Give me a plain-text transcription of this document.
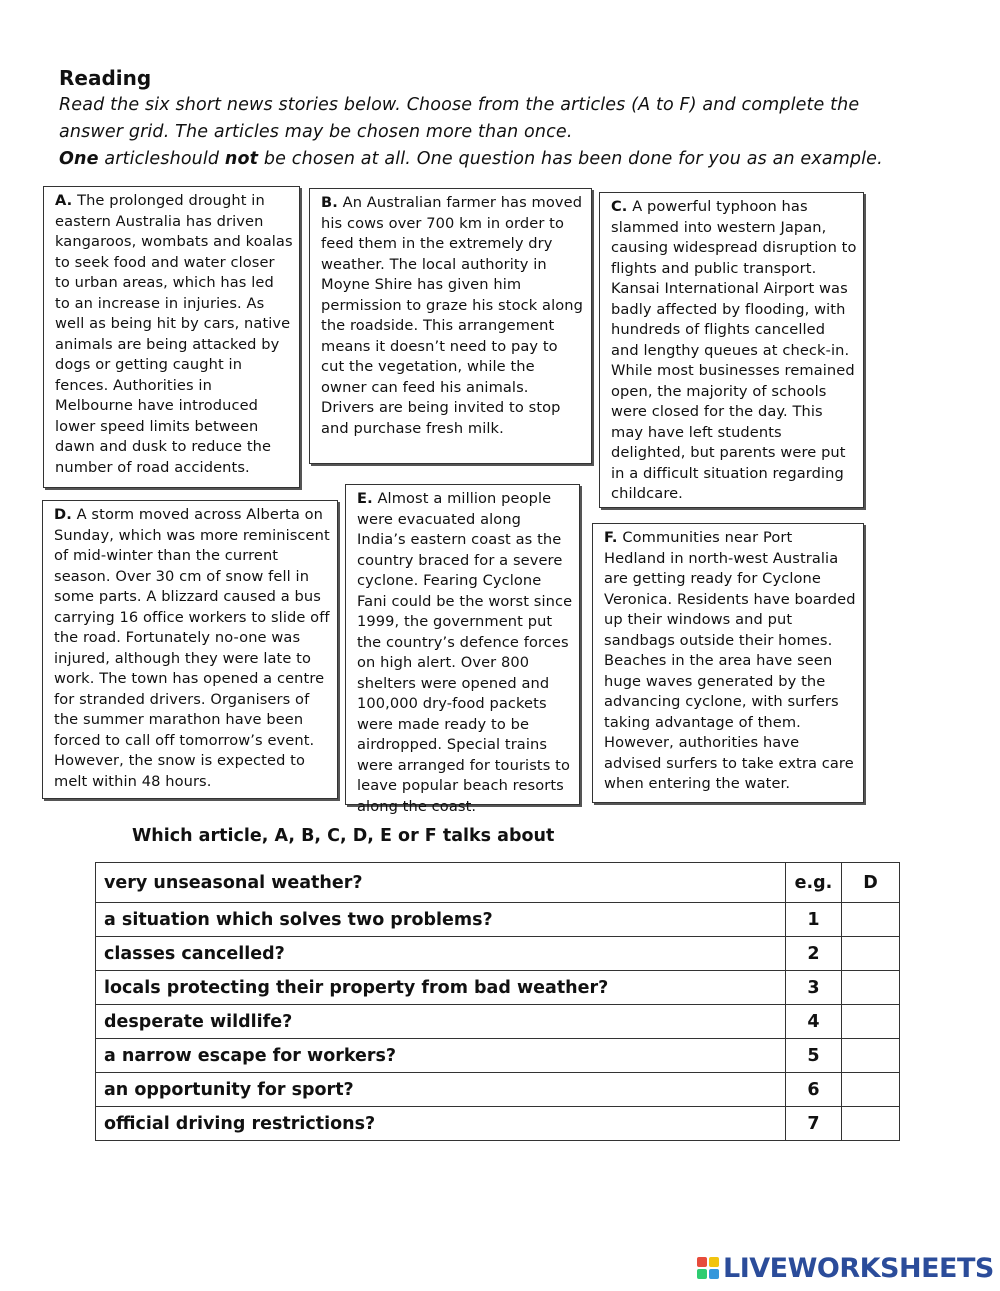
Reading
Read the six short news stories below. Choose from the articles (A to F) and complete the
answer grid. The articles may be chosen more than once.
One articleshould not be chosen at all. One question has been done for you as an example.

A. The prolonged drought in eastern Australia has driven kangaroos, wombats and koalas to seek food and water closer to urban areas, which has led to an increase in injuries. As well as being hit by cars, native animals are being attacked by dogs or getting caught in fences. Authorities in Melbourne have introduced lower speed limits between dawn and dusk to reduce the number of road accidents.

B. An Australian farmer has moved his cows over 700 km in order to feed them in the extremely dry weather. The local authority in Moyne Shire has given him permission to graze his stock along the roadside. This arrangement means it doesn’t need to pay to cut the vegetation, while the owner can feed his animals. Drivers are being invited to stop and purchase fresh milk.

C. A powerful typhoon has slammed into western Japan, causing widespread disruption to flights and public transport. Kansai International Airport was badly affected by flooding, with hundreds of flights cancelled and lengthy queues at check-in. While most businesses remained open, the majority of schools were closed for the day. This may have left students delighted, but parents were put in a difficult situation regarding childcare.

D. A storm moved across Alberta on Sunday, which was more reminiscent of mid-winter than the current season. Over 30 cm of snow fell in some parts. A blizzard caused a bus carrying 16 office workers to slide off the road. Fortunately no-one was injured, although they were late to work. The town has opened a centre for stranded drivers. Organisers of the summer marathon have been forced to call off tomorrow’s event. However, the snow is expected to melt within 48 hours.

E. Almost a million people were evacuated along India’s eastern coast as the country braced for a severe cyclone. Fearing Cyclone Fani could be the worst since 1999, the government put the country’s defence forces on high alert. Over 800 shelters were opened and 100,000 dry-food packets were made ready to be airdropped. Special trains were arranged for tourists to leave popular beach resorts along the coast.

F. Communities near Port Hedland in north-west Australia are getting ready for Cyclone Veronica. Residents have boarded up their windows and put sandbags outside their homes. Beaches in the area have seen huge waves generated by the advancing cyclone, with surfers taking advantage of them. However, authorities have advised surfers to take extra care when entering the water.

Which article, A, B, C, D, E or F talks about
very unseasonal weather?	e.g.	D
a situation which solves two problems?	1	
classes cancelled?	2	
locals protecting their property from bad weather?	3	
desperate wildlife?	4	
a narrow escape for workers?	5	
an opportunity for sport?	6	
official driving restrictions?	7	
LIVEWORKSHEETS
